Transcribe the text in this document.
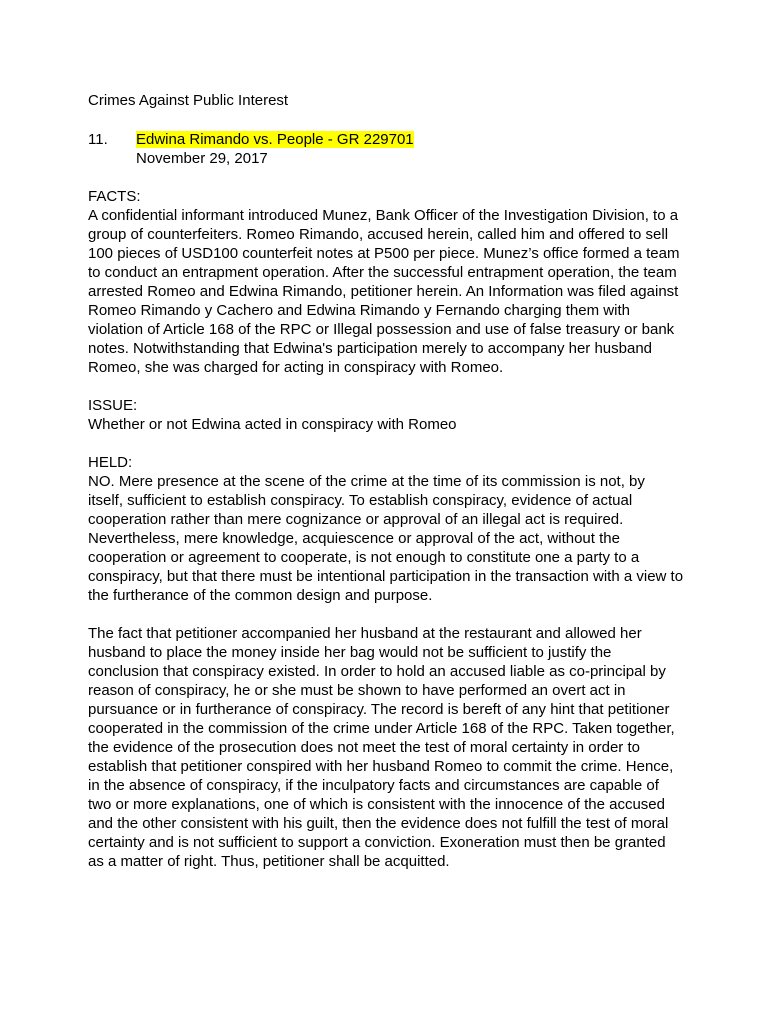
Crimes Against Public Interest
11.	Edwina Rimando vs. People - GR 229701
November 29, 2017
FACTS:

A confidential informant introduced Munez, Bank Officer of the Investigation Division, to a group of counterfeiters. Romeo Rimando, accused herein, called him and offered to sell 100 pieces of USD100 counterfeit notes at P500 per piece. Munez’s office formed a team to conduct an entrapment operation. After the successful entrapment operation, the team arrested Romeo and Edwina Rimando, petitioner herein. An Information was filed against Romeo Rimando y Cachero and Edwina Rimando y Fernando charging them with violation of Article 168 of the RPC or Illegal possession and use of false treasury or bank notes. Notwithstanding that Edwina's participation merely to accompany her husband Romeo, she was charged for acting in conspiracy with Romeo.

ISSUE:

Whether or not Edwina acted in conspiracy with Romeo

HELD:

NO. Mere presence at the scene of the crime at the time of its commission is not, by itself, sufficient to establish conspiracy. To establish conspiracy, evidence of actual cooperation rather than mere cognizance or approval of an illegal act is required. Nevertheless, mere knowledge, acquiescence or approval of the act, without the cooperation or agreement to cooperate, is not enough to constitute one a party to a conspiracy, but that there must be intentional participation in the transaction with a view to the furtherance of the common design and purpose.

The fact that petitioner accompanied her husband at the restaurant and allowed her husband to place the money inside her bag would not be sufficient to justify the conclusion that conspiracy existed. In order to hold an accused liable as co-principal by reason of conspiracy, he or she must be shown to have performed an overt act in pursuance or in furtherance of conspiracy. The record is bereft of any hint that petitioner cooperated in the commission of the crime under Article 168 of the RPC. Taken together, the evidence of the prosecution does not meet the test of moral certainty in order to establish that petitioner conspired with her husband Romeo to commit the crime. Hence, in the absence of conspiracy, if the inculpatory facts and circumstances are capable of two or more explanations, one of which is consistent with the innocence of the accused and the other consistent with his guilt, then the evidence does not fulfill the test of moral certainty and is not sufficient to support a conviction. Exoneration must then be granted as a matter of right. Thus, petitioner shall be acquitted.
